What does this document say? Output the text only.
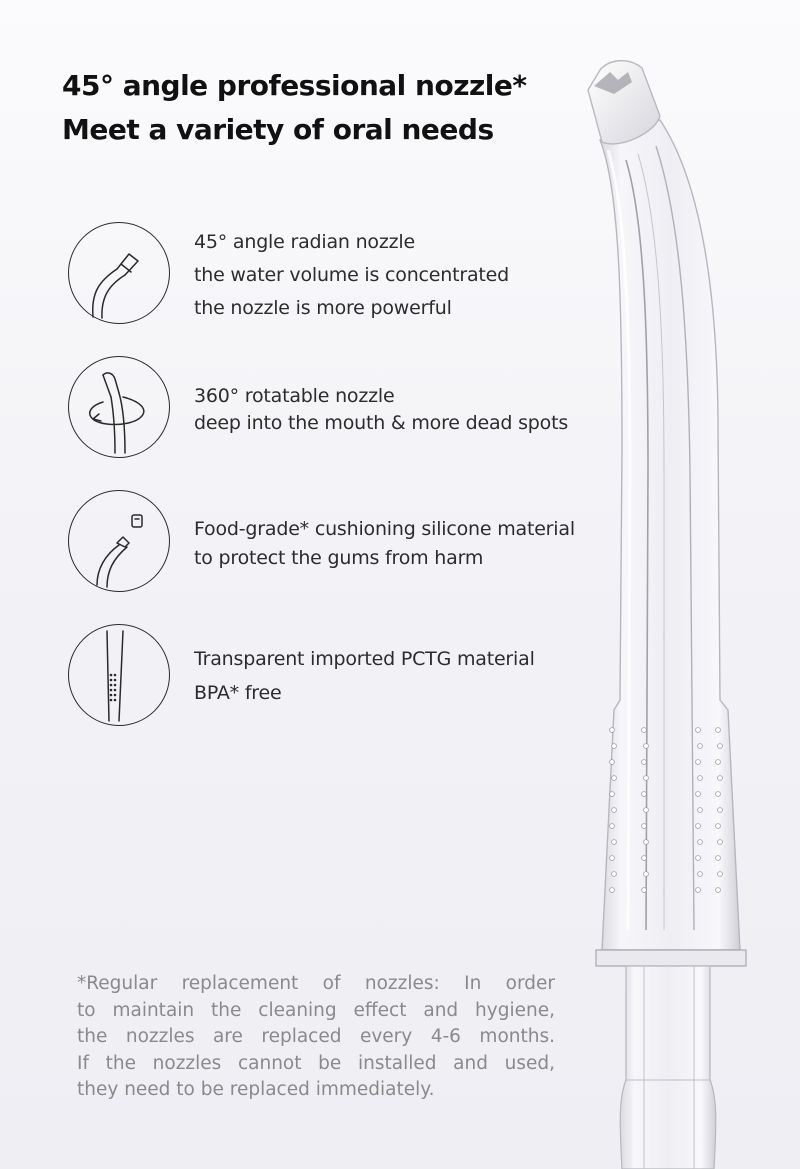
45° angle professional nozzle*
Meet a variety of oral needs
45° angle radian nozzle
the water volume is concentrated
the nozzle is more powerful
360° rotatable nozzle
deep into the mouth & more dead spots
Food-grade* cushioning silicone material
to protect the gums from harm
Transparent imported PCTG material
BPA* free
*Regular replacement of nozzles: In order
to maintain the cleaning effect and hygiene,
the nozzles are replaced every 4-6 months.
If the nozzles cannot be installed and used,
they need to be replaced immediately.
